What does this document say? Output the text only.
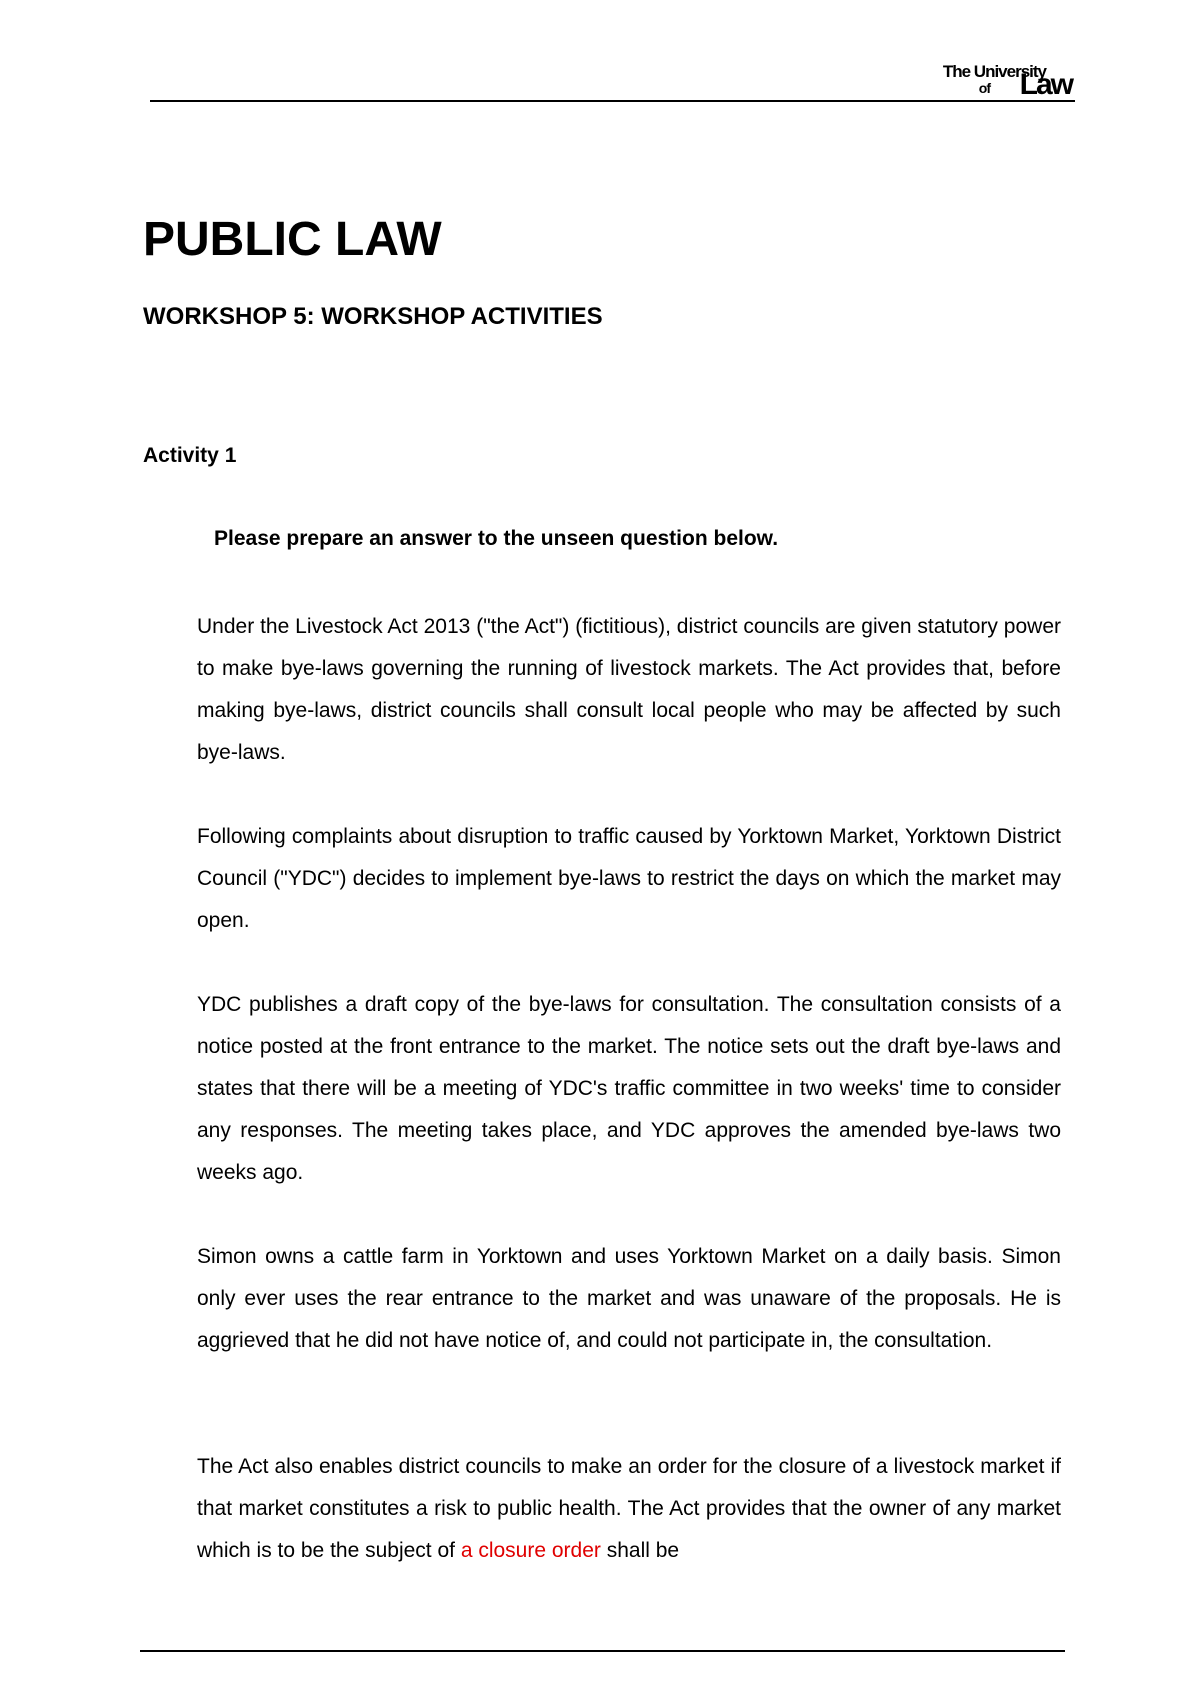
The University
of Law
PUBLIC LAW
WORKSHOP 5: WORKSHOP ACTIVITIES
Activity 1

Please prepare an answer to the unseen question below.

Under the Livestock Act 2013 ("the Act") (fictitious), district councils are given statutory power to make bye-laws governing the running of livestock markets. The Act provides that, before making bye-laws, district councils shall consult local people who may be affected by such bye-laws.

Following complaints about disruption to traffic caused by Yorktown Market, Yorktown District Council ("YDC") decides to implement bye-laws to restrict the days on which the market may open.

YDC publishes a draft copy of the bye-laws for consultation. The consultation consists of a notice posted at the front entrance to the market. The notice sets out the draft bye-laws and states that there will be a meeting of YDC's traffic committee in two weeks' time to consider any responses. The meeting takes place, and YDC approves the amended bye-laws two weeks ago.

Simon owns a cattle farm in Yorktown and uses Yorktown Market on a daily basis. Simon only ever uses the rear entrance to the market and was unaware of the proposals. He is aggrieved that he did not have notice of, and could not participate in, the consultation.

The Act also enables district councils to make an order for the closure of a livestock market if that market constitutes a risk to public health. The Act provides that the owner of any market which is to be the subject of a closure order shall be
